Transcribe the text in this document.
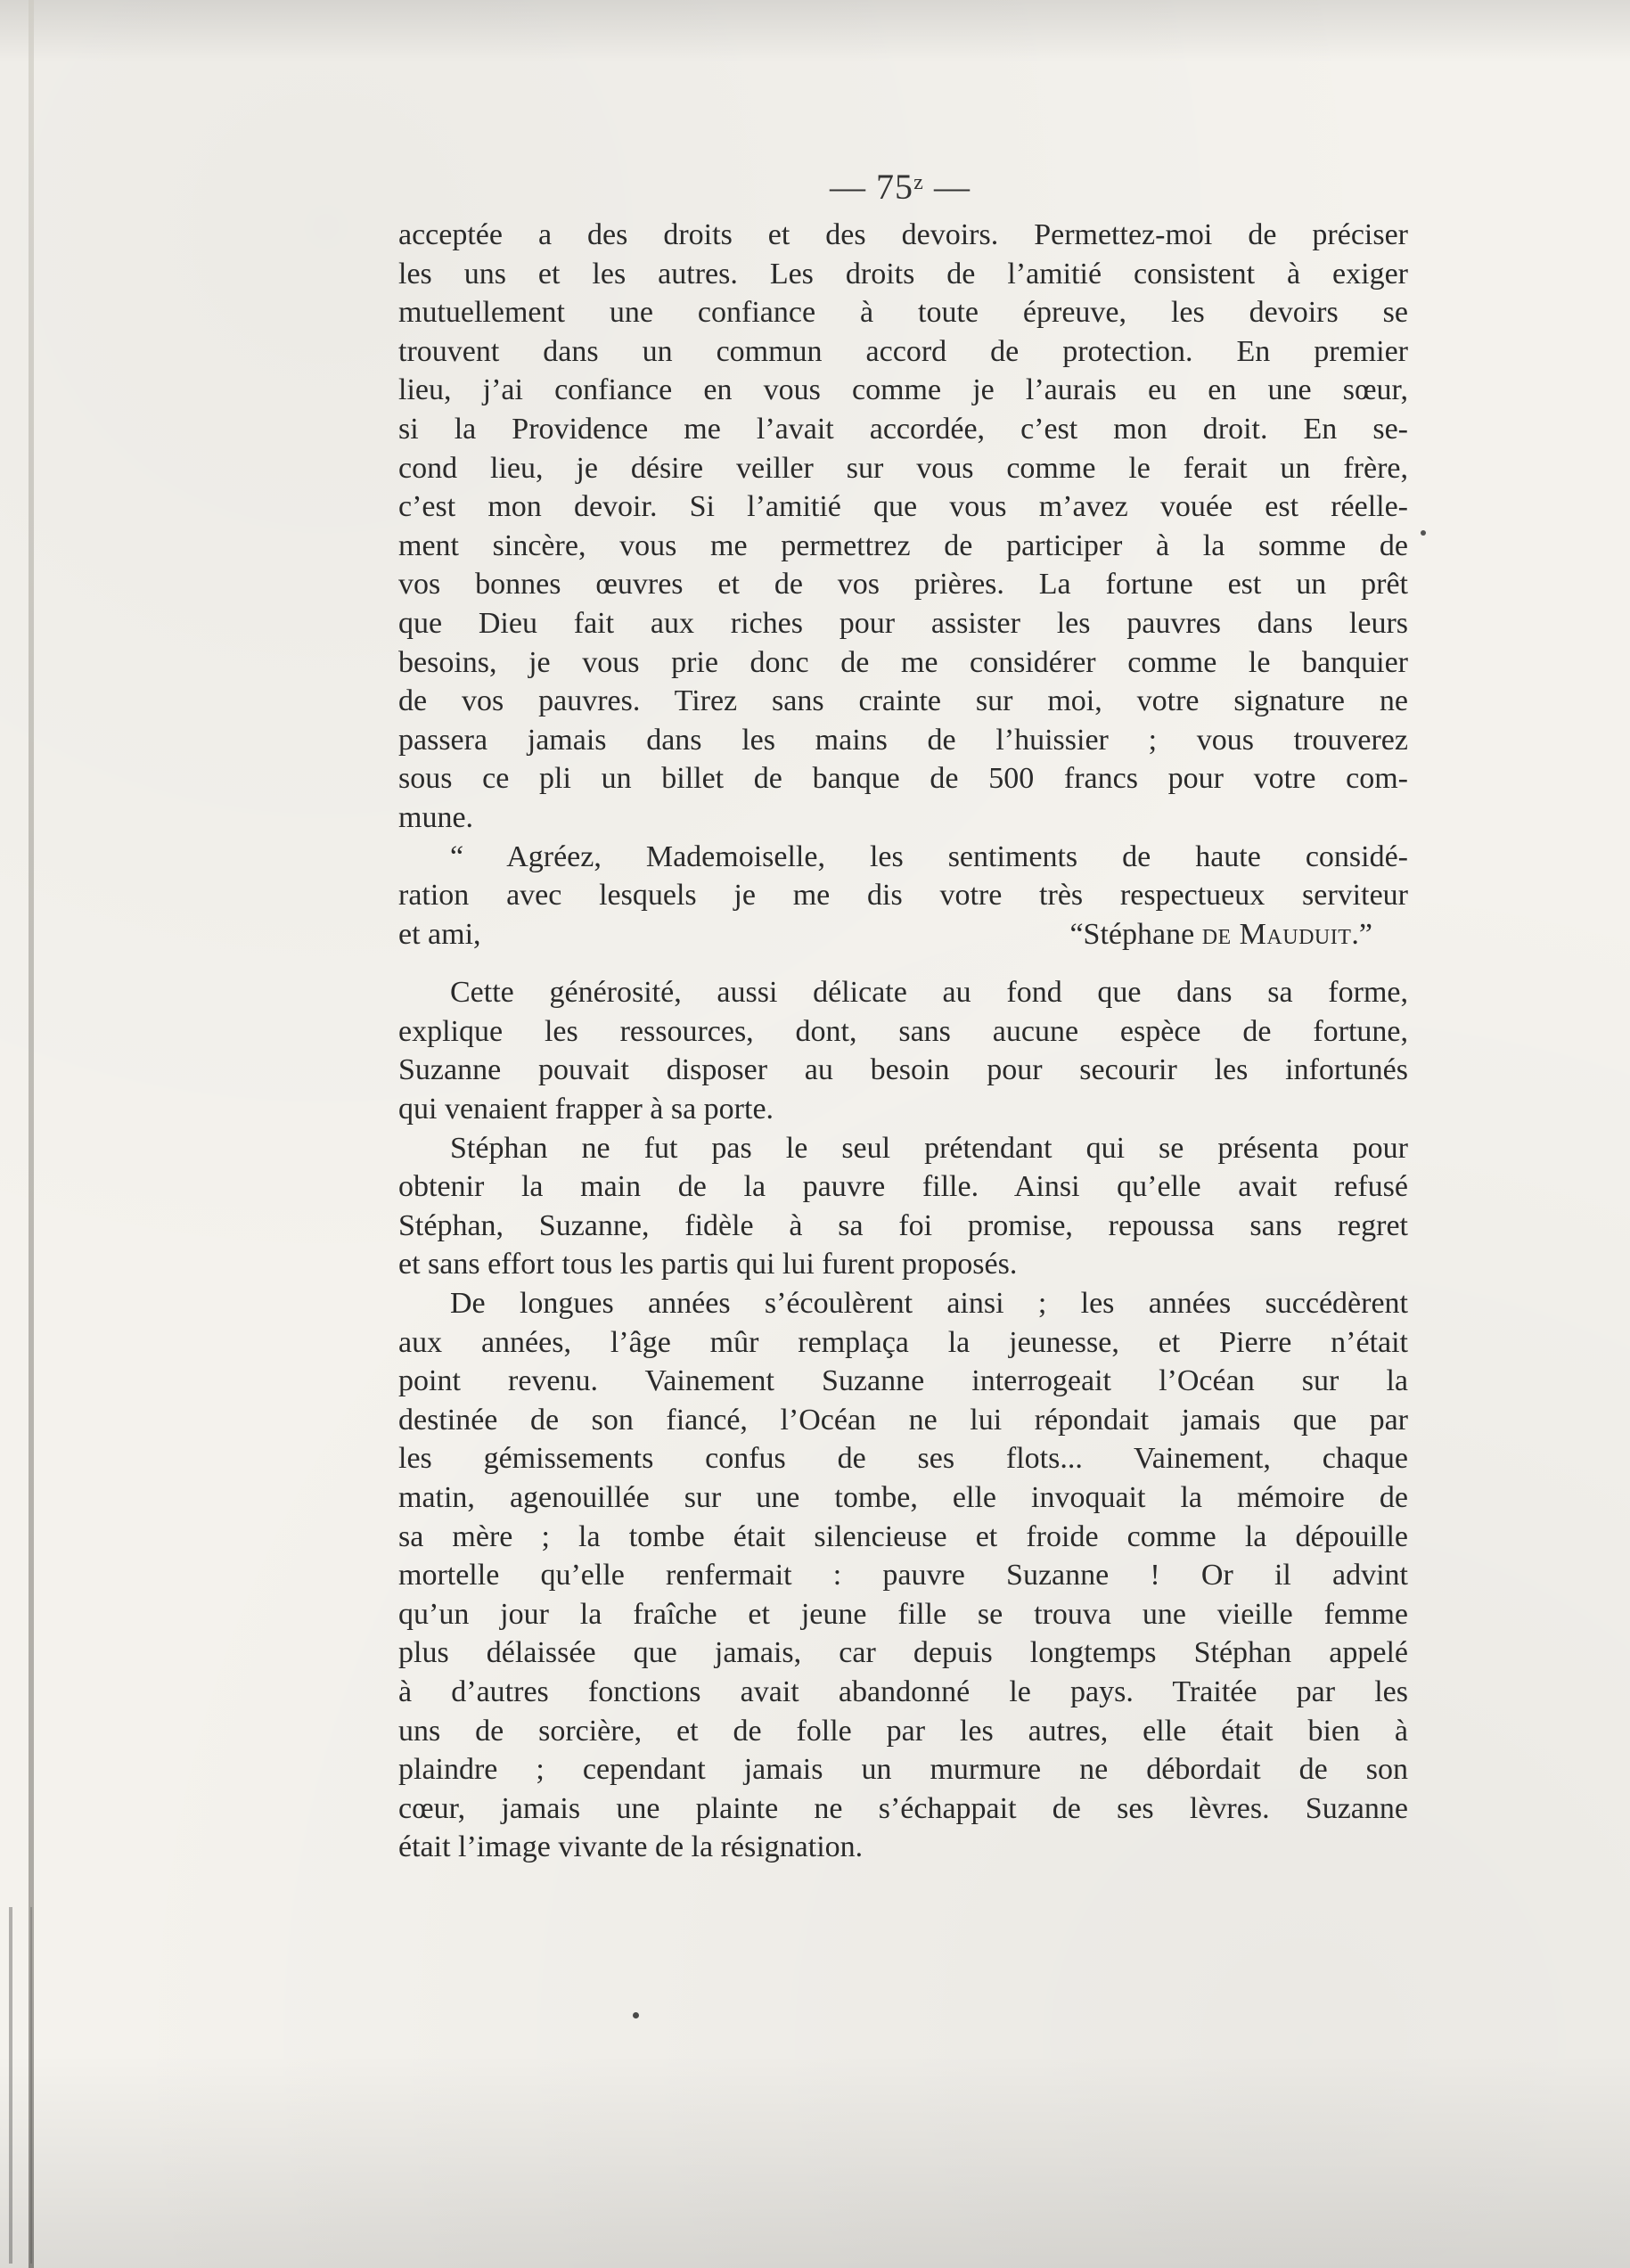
— 75ᶻ —
acceptée a des droits et des devoirs. Permettez-moi de préciser
les uns et les autres. Les droits de l’amitié consistent à exiger
mutuellement une confiance à toute épreuve, les devoirs se
trouvent dans un commun accord de protection. En premier
lieu, j’ai confiance en vous comme je l’aurais eu en une sœur,
si la Providence me l’avait accordée, c’est mon droit. En se-
cond lieu, je désire veiller sur vous comme le ferait un frère,
c’est mon devoir. Si l’amitié que vous m’avez vouée est réelle-
ment sincère, vous me permettrez de participer à la somme de
vos bonnes œuvres et de vos prières. La fortune est un prêt
que Dieu fait aux riches pour assister les pauvres dans leurs
besoins, je vous prie donc de me considérer comme le banquier
de vos pauvres. Tirez sans crainte sur moi, votre signature ne
passera jamais dans les mains de l’huissier ; vous trouverez
sous ce pli un billet de banque de 500 francs pour votre com-
mune.
“ Agréez, Mademoiselle, les sentiments de haute considé-
ration avec lesquels je me dis votre très respectueux serviteur
et ami,	“Stéphane de Mauduit.”
Cette générosité, aussi délicate au fond que dans sa forme,
explique les ressources, dont, sans aucune espèce de fortune,
Suzanne pouvait disposer au besoin pour secourir les infortunés
qui venaient frapper à sa porte.
Stéphan ne fut pas le seul prétendant qui se présenta pour
obtenir la main de la pauvre fille. Ainsi qu’elle avait refusé
Stéphan, Suzanne, fidèle à sa foi promise, repoussa sans regret
et sans effort tous les partis qui lui furent proposés.
De longues années s’écoulèrent ainsi ; les années succédèrent
aux années, l’âge mûr remplaça la jeunesse, et Pierre n’était
point revenu. Vainement Suzanne interrogeait l’Océan sur la
destinée de son fiancé, l’Océan ne lui répondait jamais que par
les gémissements confus de ses flots... Vainement, chaque
matin, agenouillée sur une tombe, elle invoquait la mémoire de
sa mère ; la tombe était silencieuse et froide comme la dépouille
mortelle qu’elle renfermait : pauvre Suzanne ! Or il advint
qu’un jour la fraîche et jeune fille se trouva une vieille femme
plus délaissée que jamais, car depuis longtemps Stéphan appelé
à d’autres fonctions avait abandonné le pays. Traitée par les
uns de sorcière, et de folle par les autres, elle était bien à
plaindre ; cependant jamais un murmure ne débordait de son
cœur, jamais une plainte ne s’échappait de ses lèvres. Suzanne
était l’image vivante de la résignation.
